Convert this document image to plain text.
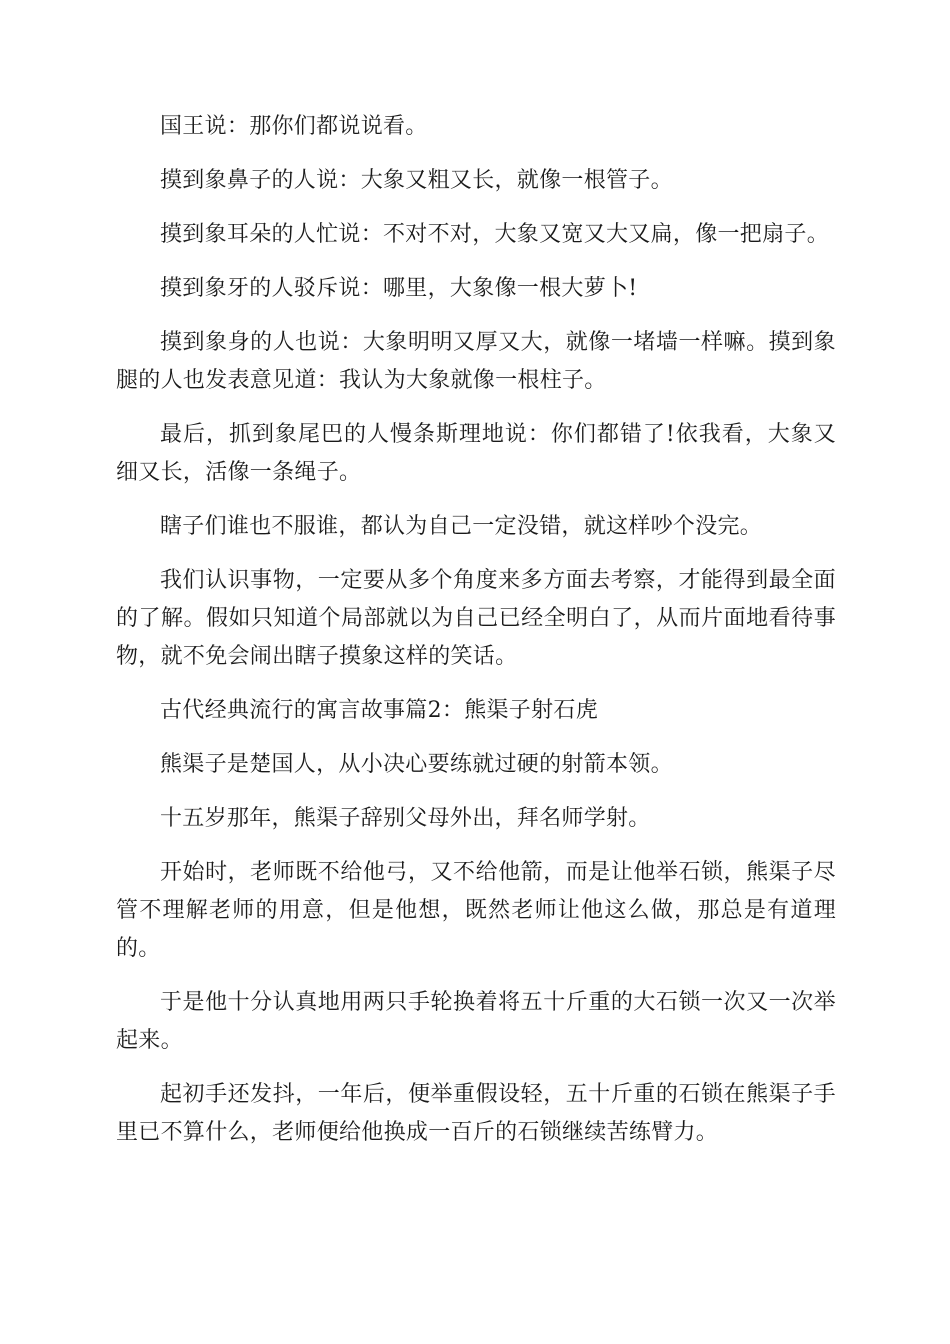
国王说：那你们都说说看。

摸到象鼻子的人说：大象又粗又长，就像一根管子。

摸到象耳朵的人忙说：不对不对，大象又宽又大又扁，像一把扇子。

摸到象牙的人驳斥说：哪里，大象像一根大萝卜!

摸到象身的人也说：大象明明又厚又大，就像一堵墙一样嘛。摸到象腿的人也发表意见道：我认为大象就像一根柱子。

最后，抓到象尾巴的人慢条斯理地说：你们都错了!依我看，大象又细又长，活像一条绳子。

瞎子们谁也不服谁，都认为自己一定没错，就这样吵个没完。

我们认识事物，一定要从多个角度来多方面去考察，才能得到最全面的了解。假如只知道个局部就以为自己已经全明白了，从而片面地看待事物，就不免会闹出瞎子摸象这样的笑话。

古代经典流行的寓言故事篇2：熊渠子射石虎

熊渠子是楚国人，从小决心要练就过硬的射箭本领。

十五岁那年，熊渠子辞别父母外出，拜名师学射。

开始时，老师既不给他弓，又不给他箭，而是让他举石锁，熊渠子尽管不理解老师的用意，但是他想，既然老师让他这么做，那总是有道理的。

于是他十分认真地用两只手轮换着将五十斤重的大石锁一次又一次举起来。

起初手还发抖，一年后，便举重假设轻，五十斤重的石锁在熊渠子手里已不算什么，老师便给他换成一百斤的石锁继续苦练臂力。
